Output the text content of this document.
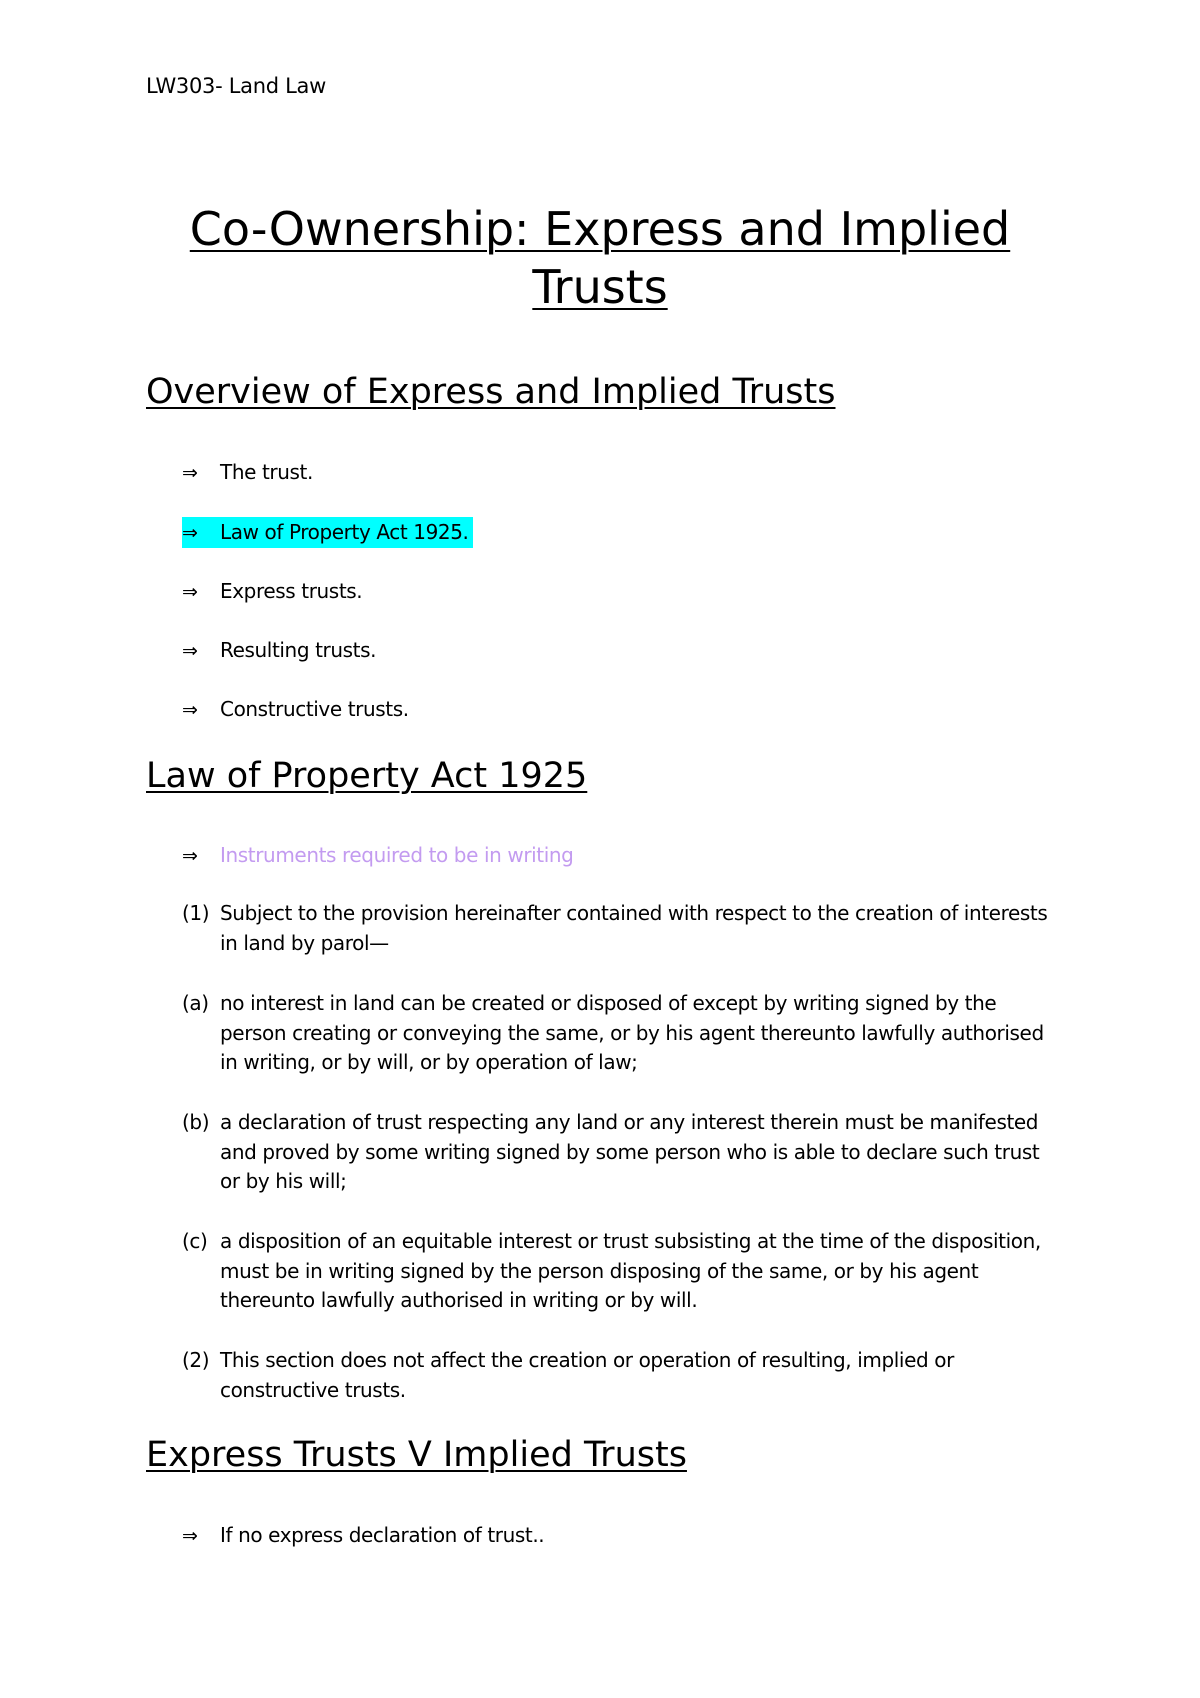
LW303- Land Law
Co-Ownership: Express and Implied
Trusts
Overview of Express and Implied Trusts
⇒ The trust.
⇒ Law of Property Act 1925.
⇒ Express trusts.
⇒ Resulting trusts.
⇒ Constructive trusts.
Law of Property Act 1925
⇒ Instruments required to be in writing
(1) Subject to the provision hereinafter contained with respect to the creation of interests in land by parol—
(a) no interest in land can be created or disposed of except by writing signed by the person creating or conveying the same, or by his agent thereunto lawfully authorised in writing, or by will, or by operation of law;
(b) a declaration of trust respecting any land or any interest therein must be manifested and proved by some writing signed by some person who is able to declare such trust or by his will;
(c) a disposition of an equitable interest or trust subsisting at the time of the disposition, must be in writing signed by the person disposing of the same, or by his agent thereunto lawfully authorised in writing or by will.
(2) This section does not affect the creation or operation of resulting, implied or constructive trusts.
Express Trusts V Implied Trusts
⇒ If no express declaration of trust..
